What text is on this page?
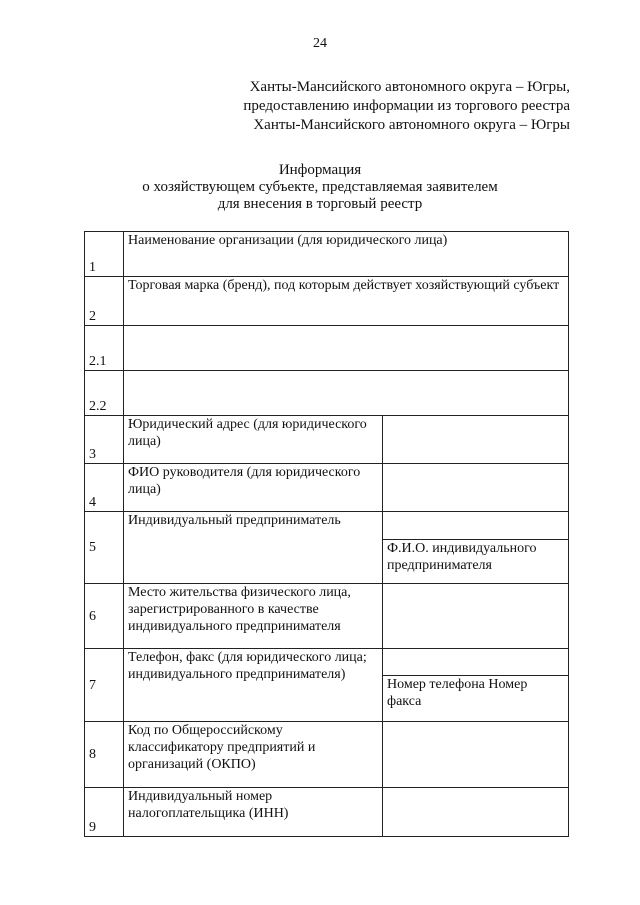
24
Ханты-Мансийского автономного округа – Югры,
предоставлению информации из торгового реестра
Ханты-Мансийского автономного округа – Югры
Информация
о хозяйствующем субъекте, представляемая заявителем
для внесения в торговый реестр
1	Наименование организации (для юридического лица)	
2	Торговая марка (бренд), под которым действует хозяйствующий субъект	
2.1		
2.2		
3	Юридический адрес (для юридического лица)	
4	ФИО руководителя (для юридического лица)	
5	Индивидуальный предприниматель	
		Ф.И.О. индивидуального предпринимателя
6	Место жительства физического лица, зарегистрированного в качестве индивидуального предпринимателя	
7	Телефон, факс (для юридического лица; индивидуального предпринимателя)	
		Номер телефона Номер факса
8	Код по Общероссийскому классификатору предприятий и организаций (ОКПО)	
9	Индивидуальный номер налогоплательщика (ИНН)	
